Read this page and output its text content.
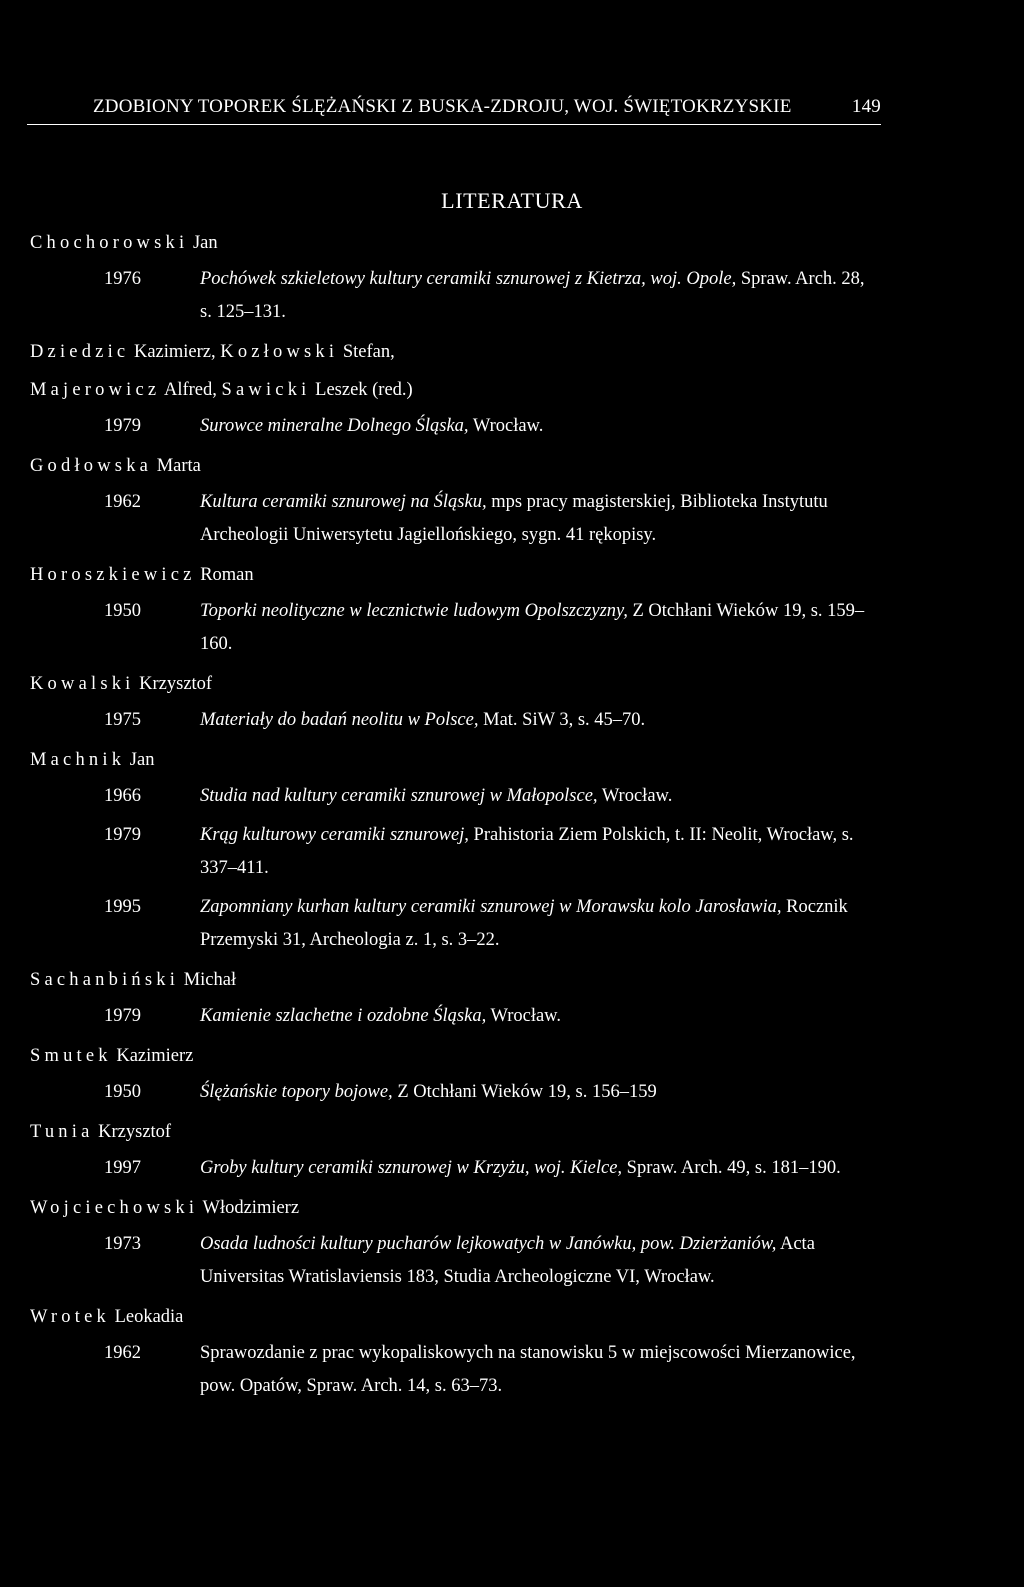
ZDOBIONY TOPOREK ŚLĘŻAŃSKI Z BUSKA-ZDROJU, WOJ. ŚWIĘTOKRZYSKIE	149
LITERATURA
Chochorowski Jan
1976	Pochówek szkieletowy kultury ceramiki sznurowej z Kietrza, woj. Opole, Spraw. Arch. 28, s. 125–131.
Dziedzic Kazimierz, Kozłowski Stefan,
Majerowicz Alfred, Sawicki Leszek (red.)
1979	Surowce mineralne Dolnego Śląska, Wrocław.
Godłowska Marta
1962	Kultura ceramiki sznurowej na Śląsku, mps pracy magisterskiej, Biblioteka Instytutu Archeologii Uniwersytetu Jagiellońskiego, sygn. 41 rękopisy.
Horoszkiewicz Roman
1950	Toporki neolityczne w lecznictwie ludowym Opolszczyzny, Z Otchłani Wieków 19, s. 159–160.
Kowalski Krzysztof
1975	Materiały do badań neolitu w Polsce, Mat. SiW 3, s. 45–70.
Machnik Jan
1966	Studia nad kultury ceramiki sznurowej w Małopolsce, Wrocław.
1979	Krąg kulturowy ceramiki sznurowej, Prahistoria Ziem Polskich, t. II: Neolit, Wrocław, s. 337–411.
1995	Zapomniany kurhan kultury ceramiki sznurowej w Morawsku kolo Jarosławia, Rocznik Przemyski 31, Archeologia z. 1, s. 3–22.
Sachanbiński Michał
1979	Kamienie szlachetne i ozdobne Śląska, Wrocław.
Smutek Kazimierz
1950	Ślężańskie topory bojowe, Z Otchłani Wieków 19, s. 156–159
Tunia Krzysztof
1997	Groby kultury ceramiki sznurowej w Krzyżu, woj. Kielce, Spraw. Arch. 49, s. 181–190.
Wojciechowski Włodzimierz
1973	Osada ludności kultury pucharów lejkowatych w Janówku, pow. Dzierżaniów, Acta Universitas Wratislaviensis 183, Studia Archeologiczne VI, Wrocław.
Wrotek Leokadia
1962	Sprawozdanie z prac wykopaliskowych na stanowisku 5 w miejscowości Mierzanowice, pow. Opatów, Spraw. Arch. 14, s. 63–73.
